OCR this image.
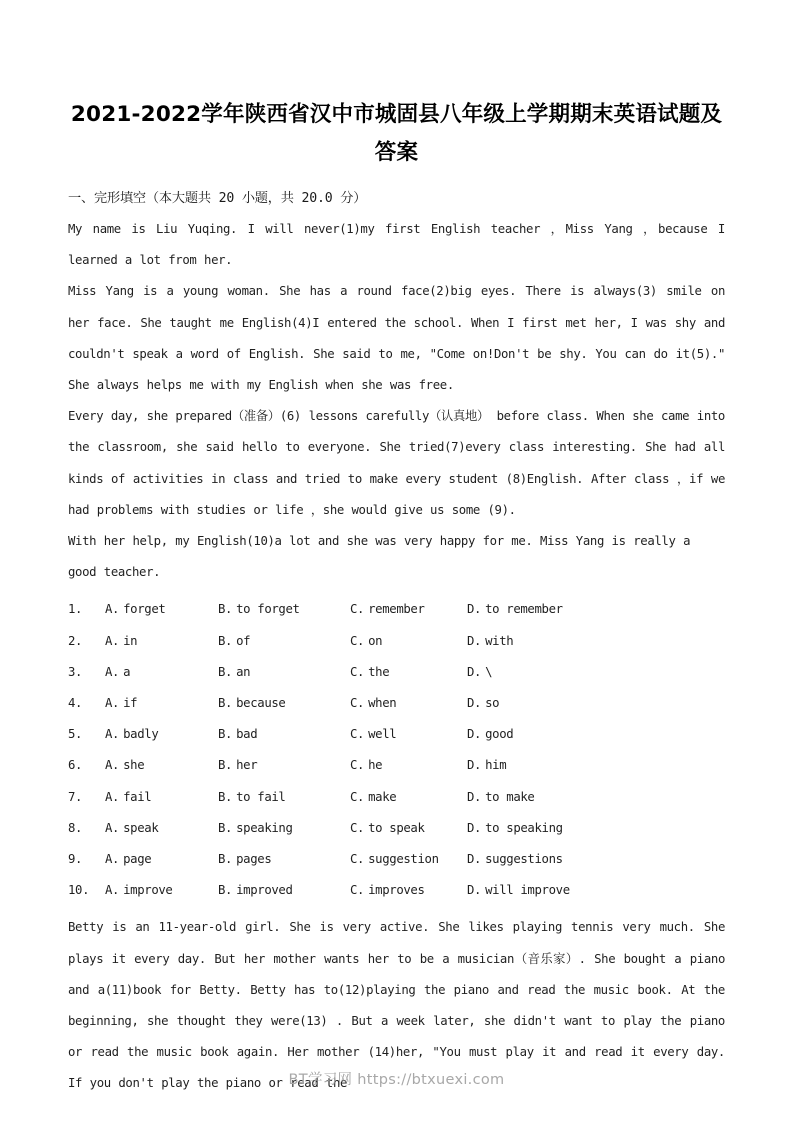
2021-2022学年陕西省汉中市城固县八年级上学期期末英语试题及答案
一、完形填空（本大题共 20 小题，共 20.0 分）

My name is Liu Yuqing. I will never(1)my first English teacher ，Miss Yang ，because I learned a lot from her.

Miss Yang is a young woman. She has a round face(2)big eyes. There is always(3) smile on her face. She taught me English(4)I entered the school. When I first met her, I was shy and couldn't speak a word of English. She said to me, "Come on!Don't be shy. You can do it(5)." She always helps me with my English when she was free.

Every day, she prepared（准备）(6) lessons carefully（认真地） before class. When she came into the classroom, she said hello to everyone. She tried(7)every class interesting. She had all kinds of activities in class and tried to make every student (8)English. After class ，if we had problems with studies or life ，she would give us some (9).

With her help, my English(10)a lot and she was very happy for me. Miss Yang is really a good teacher.

1.	A. forget	B. to forget	C. remember	D. to remember
2.	A. in	B. of	C. on	D. with
3.	A. a	B. an	C. the	D. \
4.	A. if	B. because	C. when	D. so
5.	A. badly	B. bad	C. well	D. good
6.	A. she	B. her	C. he	D. him
7.	A. fail	B. to fail	C. make	D. to make
8.	A. speak	B. speaking	C. to speak	D. to speaking
9.	A. page	B. pages	C. suggestion D. suggestions
10.	A. improve	B. improved	C. improves	D. will improve

Betty is an 11-year-old girl. She is very active. She likes playing tennis very much. She plays it every day. But her mother wants her to be a musician（音乐家）. She bought a piano and a(11)book for Betty. Betty has to(12)playing the piano and read the music book. At the beginning, she thought they were(13) . But a week later, she didn't want to play the piano or read the music book again. Her mother (14)her, "You must play it and read it every day. If you don't play the piano or read the

BT学习网 https://btxuexi.com
